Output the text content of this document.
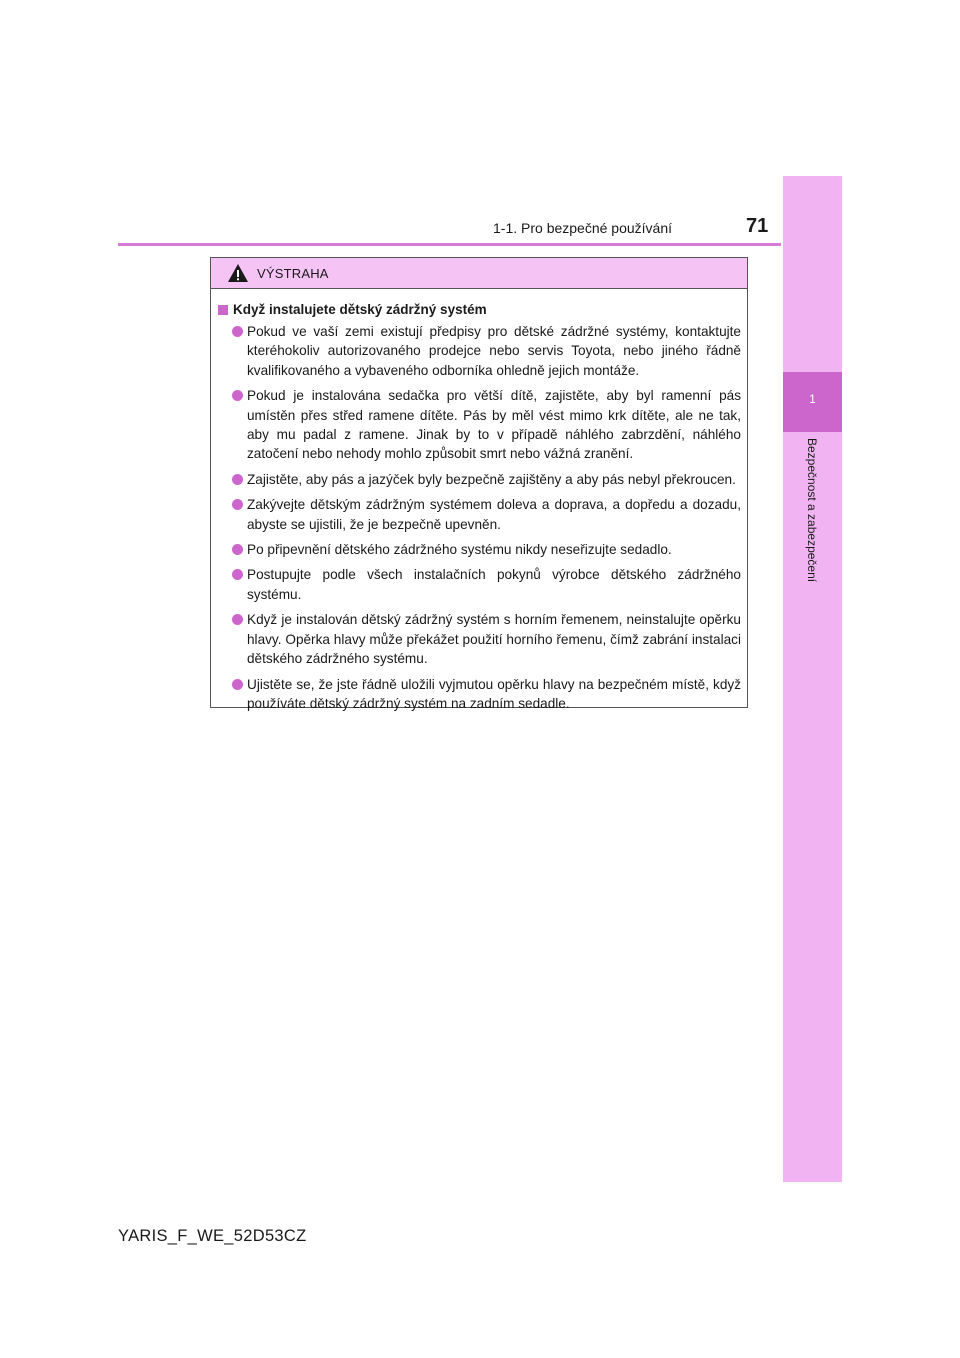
1-1. Pro bezpečné používání	71
1
Bezpečnost a zabezpečení
VÝSTRAHA
Když instalujete dětský zádržný systém
Pokud ve vaší zemi existují předpisy pro dětské zádržné systémy, kontaktujte kteréhokoliv autorizovaného prodejce nebo servis Toyota, nebo jiného řádně kvalifikovaného a vybaveného odborníka ohledně jejich montáže.
Pokud je instalována sedačka pro větší dítě, zajistěte, aby byl ramenní pás umístěn přes střed ramene dítěte. Pás by měl vést mimo krk dítěte, ale ne tak, aby mu padal z ramene. Jinak by to v případě náhlého zabrzdění, náhlého zatočení nebo nehody mohlo způsobit smrt nebo vážná zranění.
Zajistěte, aby pás a jazýček byly bezpečně zajištěny a aby pás nebyl překroucen.
Zakývejte dětským zádržným systémem doleva a doprava, a dopředu a dozadu, abyste se ujistili, že je bezpečně upevněn.
Po připevnění dětského zádržného systému nikdy neseřizujte sedadlo.
Postupujte podle všech instalačních pokynů výrobce dětského zádržného systému.
Když je instalován dětský zádržný systém s horním řemenem, neinstalujte opěrku hlavy. Opěrka hlavy může překážet použití horního řemenu, čímž zabrání instalaci dětského zádržného systému.
Ujistěte se, že jste řádně uložili vyjmutou opěrku hlavy na bezpečném místě, když používáte dětský zádržný systém na zadním sedadle.
YARIS_F_WE_52D53CZ
